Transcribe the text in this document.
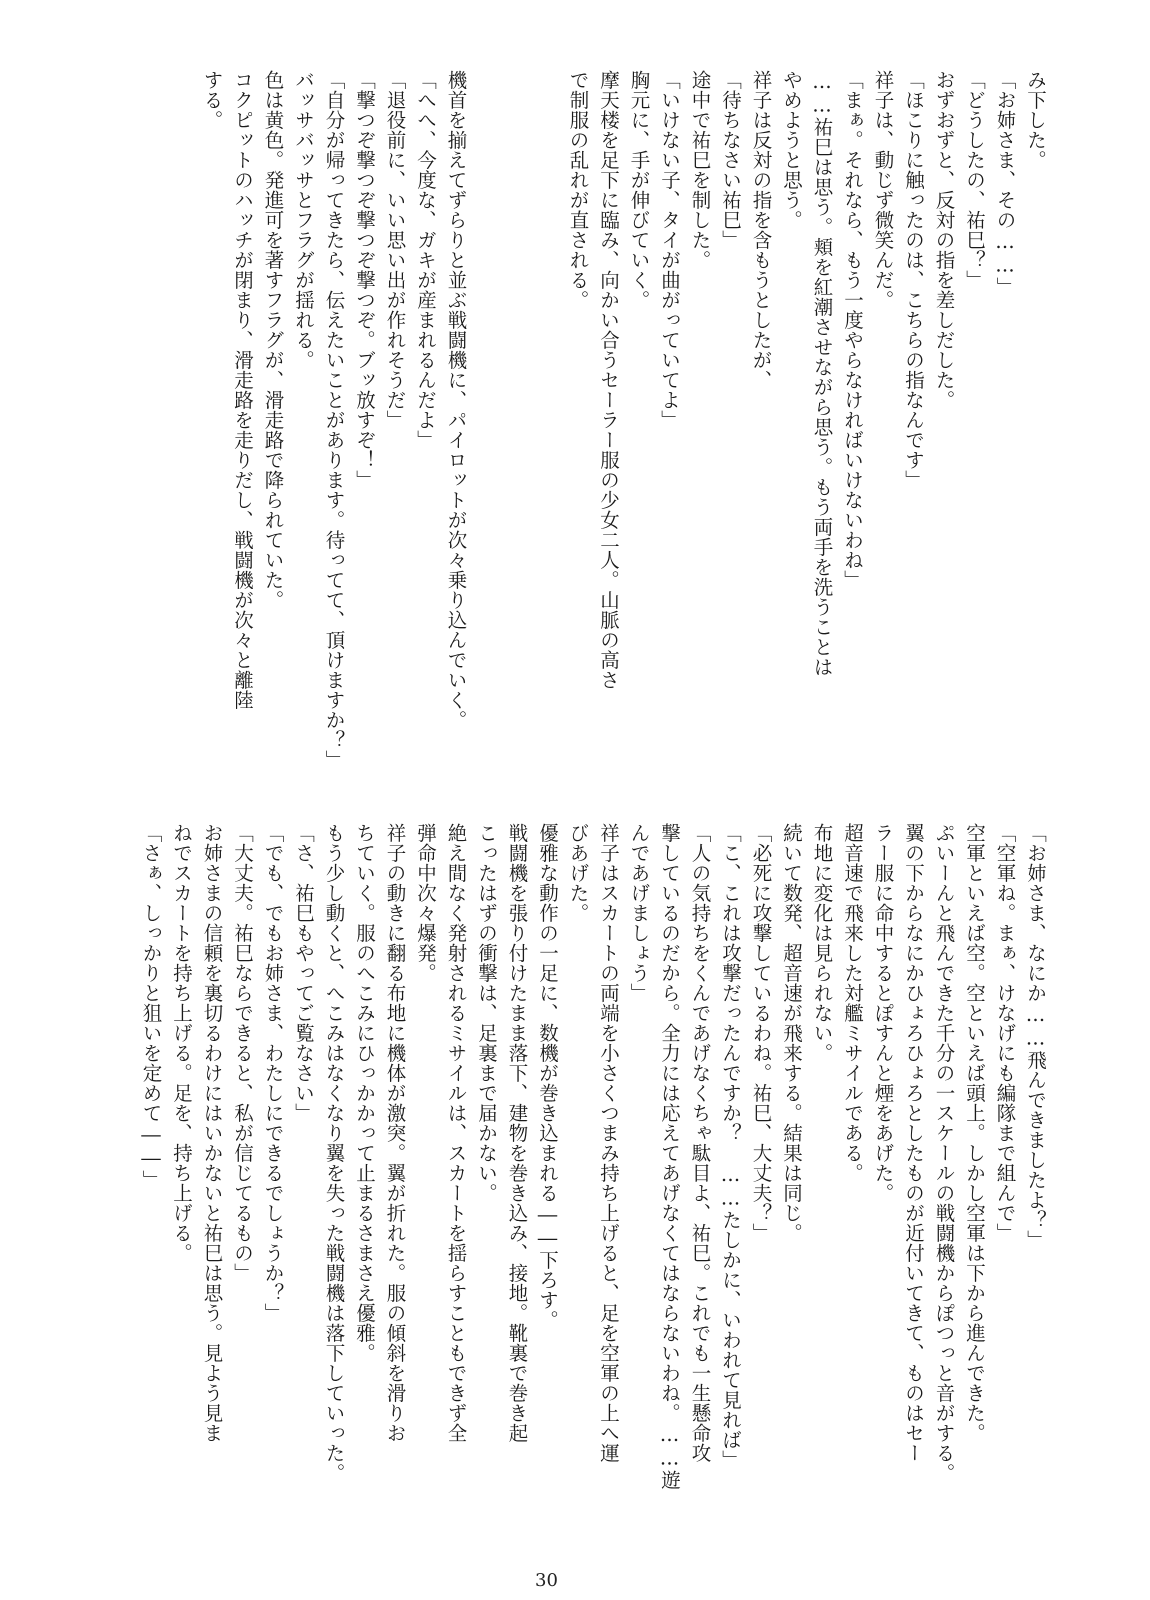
み下した。
「お姉さま、その……」
「どうしたの、祐巳？」
おずおずと、反対の指を差しだした。
「ほこりに触ったのは、こちらの指なんです」
祥子は、動じず微笑んだ。
「まぁ。それなら、もう一度やらなければいけないわね」
……祐巳は思う。頬を紅潮させながら思う。もう両手を洗うことは
やめようと思う。
祥子は反対の指を含もうとしたが、
「待ちなさい祐巳」
途中で祐巳を制した。
「いけない子、タイが曲がっていてよ」
胸元に、手が伸びていく。
摩天楼を足下に臨み、向かい合うセーラー服の少女二人。山脈の高さ
で制服の乱れが直される。
機首を揃えてずらりと並ぶ戦闘機に、パイロットが次々乗り込んでいく。
「へへ、今度な、ガキが産まれるんだよ」
「退役前に、いい思い出が作れそうだ」
「撃つぞ撃つぞ撃つぞ撃つぞ。ブッ放すぞ！」
「自分が帰ってきたら、伝えたいことがあります。待ってて、頂けますか？」
バッサバッサとフラグが揺れる。
色は黄色。発進可を著すフラグが、滑走路で降られていた。
コクピットのハッチが閉まり、滑走路を走りだし、戦闘機が次々と離陸
する。
「お姉さま、なにか……飛んできましたよ？」
「空軍ね。まぁ、けなげにも編隊まで組んで」
空軍といえば空。空といえば頭上。しかし空軍は下から進んできた。
ぷいーんと飛んできた千分の一スケールの戦闘機からぽつっと音がする。
翼の下からなにかひょろひょろとしたものが近付いてきて、ものはセー
ラー服に命中するとぽすんと煙をあげた。
超音速で飛来した対艦ミサイルである。
布地に変化は見られない。
続いて数発、超音速が飛来する。結果は同じ。
「必死に攻撃しているわね。祐巳、大丈夫？」
「こ、これは攻撃だったんですか？　……たしかに、いわれて見れば」
「人の気持ちをくんであげなくちゃ駄目よ、祐巳。これでも一生懸命攻
撃しているのだから。全力には応えてあげなくてはならないわね。……遊
んであげましょう」
祥子はスカートの両端を小さくつまみ持ち上げると、足を空軍の上へ運
びあげた。
優雅な動作の一足に、数機が巻き込まれる――下ろす。
戦闘機を張り付けたまま落下、建物を巻き込み、接地。靴裏で巻き起
こったはずの衝撃は、足裏まで届かない。
絶え間なく発射されるミサイルは、スカートを揺らすこともできず全
弾命中次々爆発。
祥子の動きに翻る布地に機体が激突。翼が折れた。服の傾斜を滑りお
ちていく。服のへこみにひっかかって止まるさまさえ優雅。
もう少し動くと、へこみはなくなり翼を失った戦闘機は落下していった。
「さ、祐巳もやってご覧なさい」
「でも、でもお姉さま、わたしにできるでしょうか？」
「大丈夫。祐巳ならできると、私が信じてるもの」
お姉さまの信頼を裏切るわけにはいかないと祐巳は思う。見よう見ま
ねでスカートを持ち上げる。足を、持ち上げる。
「さぁ、しっかりと狙いを定めて――」
30
